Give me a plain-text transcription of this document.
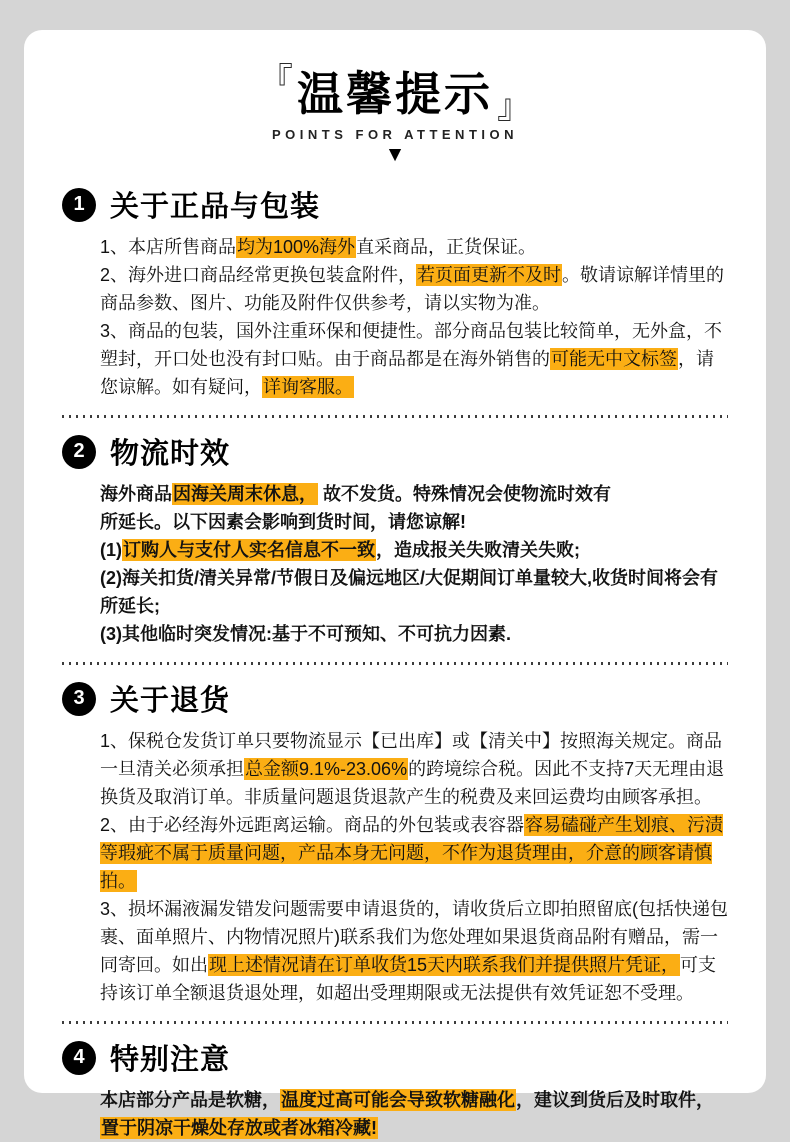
『 温馨提示 』
POINTS FOR ATTENTION
▼
1 关于正品与包装

1、本店所售商品均为100%海外直采商品，正货保证。

2、海外进口商品经常更换包装盒附件，若页面更新不及时。敬请谅解详情里的商品参数、图片、功能及附件仅供参考，请以实物为准。

3、商品的包装，国外注重环保和便捷性。部分商品包装比较简单，无外盒，不塑封，开口处也没有封口贴。由于商品都是在海外销售的可能无中文标签，请您谅解。如有疑问，详询客服。

2 物流时效

海外商品因海关周末休息， 故不发货。特殊情况会使物流时效有

所延长。以下因素会影响到货时间，请您谅解!

(1)订购人与支付人实名信息不一致，造成报关失败清关失败;

(2)海关扣货/清关异常/节假日及偏远地区/大促期间订单量较大,收货时间将会有所延长;

(3)其他临时突发情况:基于不可预知、不可抗力因素.

3 关于退货

1、保税仓发货订单只要物流显示【已出库】或【清关中】按照海关规定。商品一旦清关必须承担总金额9.1%-23.06%的跨境综合税。因此不支持7天无理由退换货及取消订单。非质量问题退货退款产生的税费及来回运费均由顾客承担。

2、由于必经海外远距离运输。商品的外包装或表容器容易磕碰产生划痕、污渍等瑕疵不属于质量问题，产品本身无问题，不作为退货理由，介意的顾客请慎拍。

3、损坏漏液漏发错发问题需要申请退货的，请收货后立即拍照留底(包括快递包裹、面单照片、内物情况照片)联系我们为您处理如果退货商品附有赠品，需一同寄回。如出现上述情况请在订单收货15天内联系我们并提供照片凭证，可支持该订单全额退货退处理，如超出受理期限或无法提供有效凭证恕不受理。

4 特别注意

本店部分产品是软糖，温度过高可能会导致软糖融化，建议到货后及时取件，置于阴凉干燥处存放或者冰箱冷藏!
